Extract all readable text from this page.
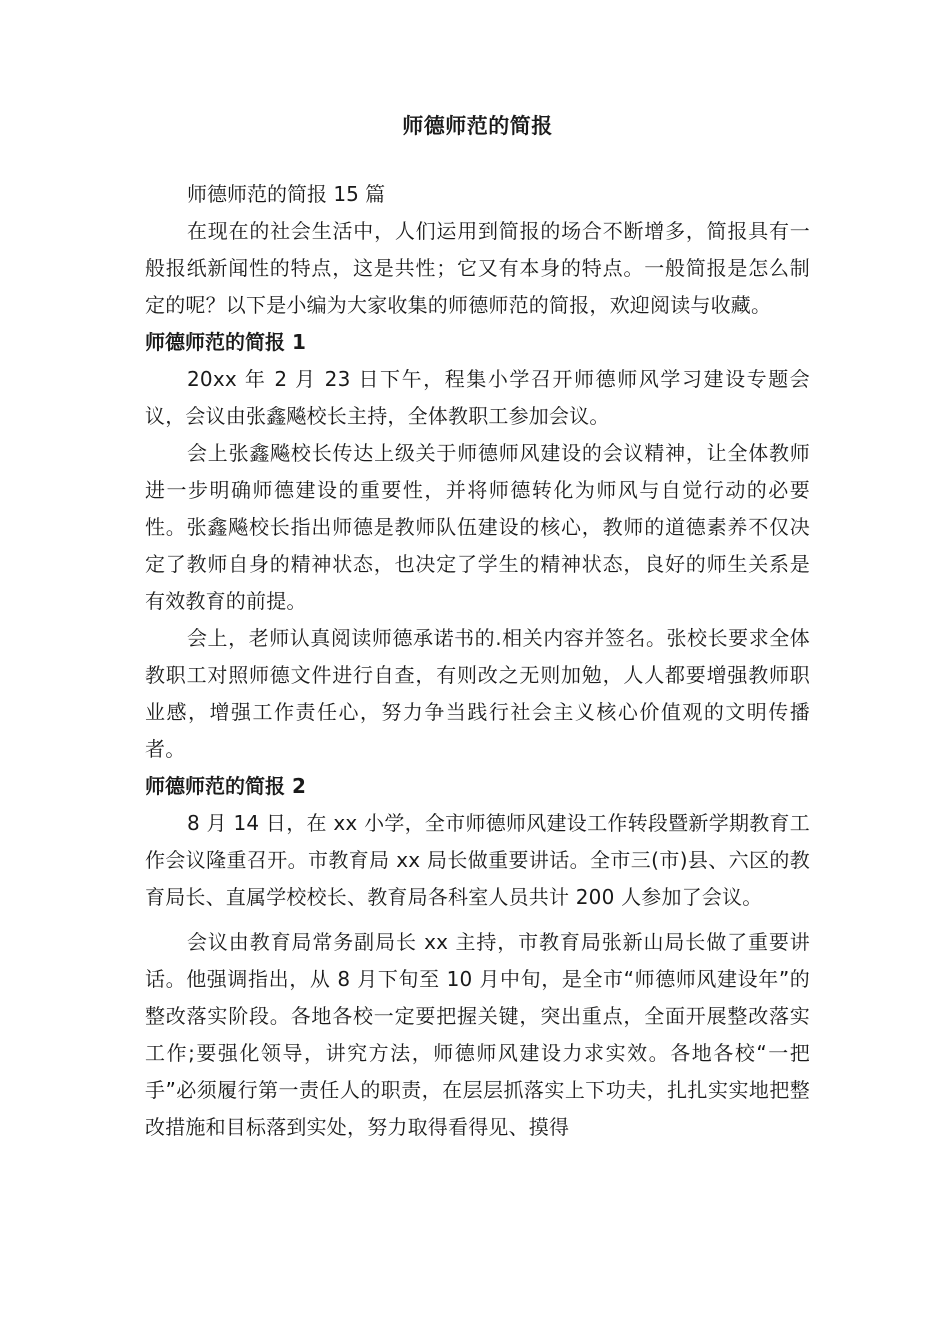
师德师范的简报

师德师范的简报 15 篇

在现在的社会生活中，人们运用到简报的场合不断增多，简报具有一般报纸新闻性的特点，这是共性；它又有本身的特点。一般简报是怎么制定的呢？以下是小编为大家收集的师德师范的简报，欢迎阅读与收藏。

师德师范的简报 1

20xx 年 2 月 23 日下午，程集小学召开师德师风学习建设专题会议，会议由张鑫飚校长主持，全体教职工参加会议。

会上张鑫飚校长传达上级关于师德师风建设的会议精神，让全体教师进一步明确师德建设的重要性，并将师德转化为师风与自觉行动的必要性。张鑫飚校长指出师德是教师队伍建设的核心，教师的道德素养不仅决定了教师自身的精神状态，也决定了学生的精神状态，良好的师生关系是有效教育的前提。

会上，老师认真阅读师德承诺书的.相关内容并签名。张校长要求全体教职工对照师德文件进行自查，有则改之无则加勉，人人都要增强教师职业感，增强工作责任心，努力争当践行社会主义核心价值观的文明传播者。

师德师范的简报 2

8 月 14 日，在 xx 小学，全市师德师风建设工作转段暨新学期教育工作会议隆重召开。市教育局 xx 局长做重要讲话。全市三(市)县、六区的教育局长、直属学校校长、教育局各科室人员共计 200 人参加了会议。

会议由教育局常务副局长 xx 主持，市教育局张新山局长做了重要讲话。他强调指出，从 8 月下旬至 10 月中旬，是全市“师德师风建设年”的整改落实阶段。各地各校一定要把握关键，突出重点，全面开展整改落实工作;要强化领导，讲究方法，师德师风建设力求实效。各地各校“一把手”必须履行第一责任人的职责，在层层抓落实上下功夫，扎扎实实地把整改措施和目标落到实处，努力取得看得见、摸得
